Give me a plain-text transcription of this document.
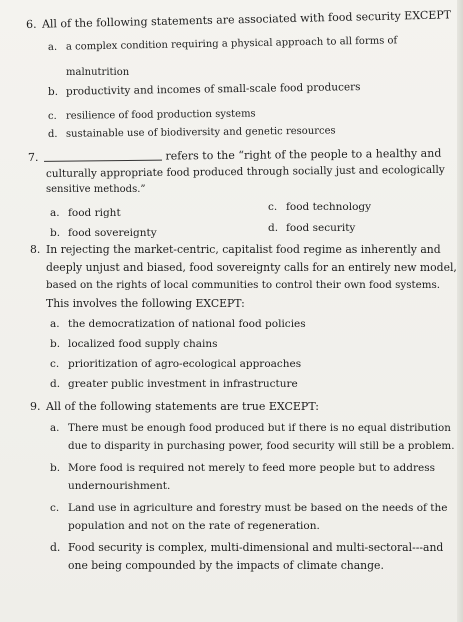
6. All of the following statements are associated with food security EXCEPT
a. a complex condition requiring a physical approach to all forms of
malnutrition
b. productivity and incomes of small-scale food producers
c. resilience of food production systems
d. sustainable use of biodiversity and genetic resources
7.	refers to the “right of the people to a healthy and
culturally appropriate food produced through socially just and ecologically
sensitive methods.”
a. food right	c. food technology
b. food sovereignty	d. food security
8. In rejecting the market-centric, capitalist food regime as inherently and
deeply unjust and biased, food sovereignty calls for an entirely new model,
based on the rights of local communities to control their own food systems.
This involves the following EXCEPT:
a. the democratization of national food policies
b. localized food supply chains
c. prioritization of agro-ecological approaches
d. greater public investment in infrastructure
9. All of the following statements are true EXCEPT:
a. There must be enough food produced but if there is no equal distribution
due to disparity in purchasing power, food security will still be a problem.
b. More food is required not merely to feed more people but to address
undernourishment.
c. Land use in agriculture and forestry must be based on the needs of the
population and not on the rate of regeneration.
d. Food security is complex, multi-dimensional and multi-sectoral---and
one being compounded by the impacts of climate change.
